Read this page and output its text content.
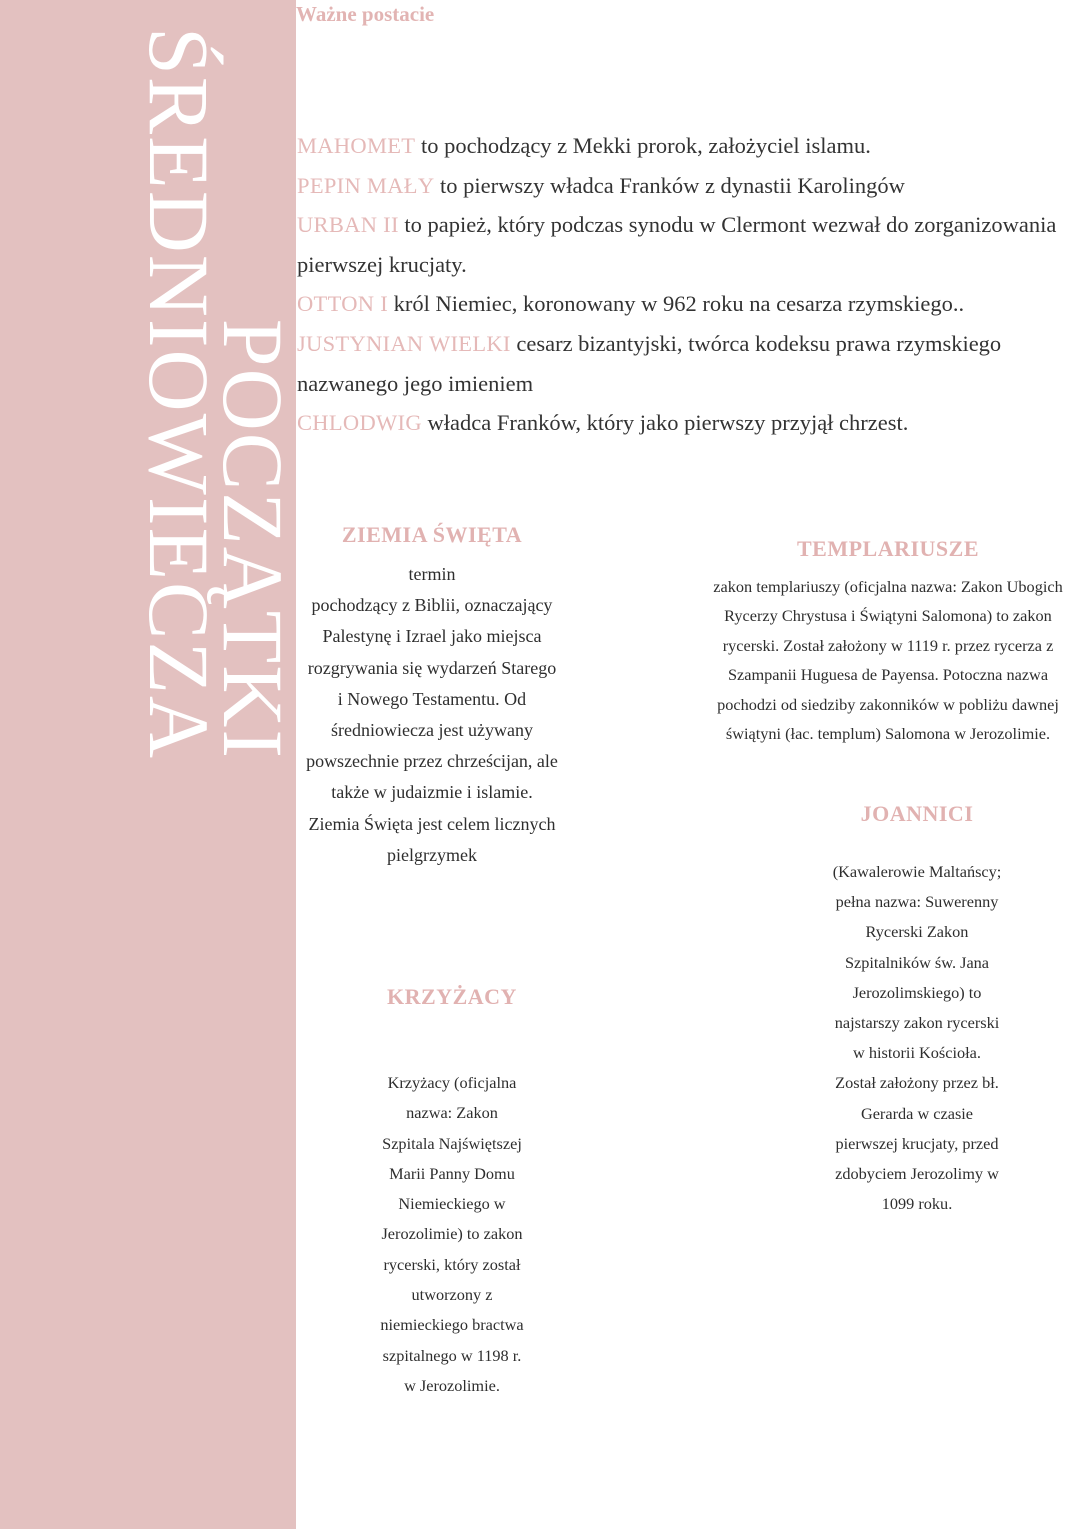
POCZĄTKI
ŚREDNIOWIECZA
Ważne postacie

MAHOMET to pochodzący z Mekki prorok, założyciel islamu.

PEPIN MAŁY to pierwszy władca Franków z dynastii Karolingów

URBAN II to papież, który podczas synodu w Clermont wezwał do zorganizowania pierwszej krucjaty.

OTTON I król Niemiec, koronowany w 962 roku na cesarza rzymskiego..

JUSTYNIAN WIELKI cesarz bizantyjski, twórca kodeksu prawa rzymskiego nazwanego jego imieniem

CHLODWIG władca Franków, który jako pierwszy przyjął chrzest.

ZIEMIA ŚWIĘTA

termin

pochodzący z Biblii, oznaczający

Palestynę i Izrael jako miejsca

rozgrywania się wydarzeń Starego

i Nowego Testamentu. Od

średniowiecza jest używany

powszechnie przez chrześcijan, ale

także w judaizmie i islamie.

Ziemia Święta jest celem licznych

pielgrzymek

TEMPLARIUSZE

zakon templariuszy (oficjalna nazwa: Zakon Ubogich

Rycerzy Chrystusa i Świątyni Salomona) to zakon

rycerski. Został założony w 1119 r. przez rycerza z

Szampanii Huguesa de Payensa. Potoczna nazwa

pochodzi od siedziby zakonników w pobliżu dawnej

świątyni (łac. templum) Salomona w Jerozolimie.

JOANNICI

(Kawalerowie Maltańscy;

pełna nazwa: Suwerenny

Rycerski Zakon

Szpitalników św. Jana

Jerozolimskiego) to

najstarszy zakon rycerski

w historii Kościoła.

Został założony przez bł.

Gerarda w czasie

pierwszej krucjaty, przed

zdobyciem Jerozolimy w

1099 roku.

KRZYŻACY

Krzyżacy (oficjalna

nazwa: Zakon

Szpitala Najświętszej

Marii Panny Domu

Niemieckiego w

Jerozolimie) to zakon

rycerski, który został

utworzony z

niemieckiego bractwa

szpitalnego w 1198 r.

w Jerozolimie.
